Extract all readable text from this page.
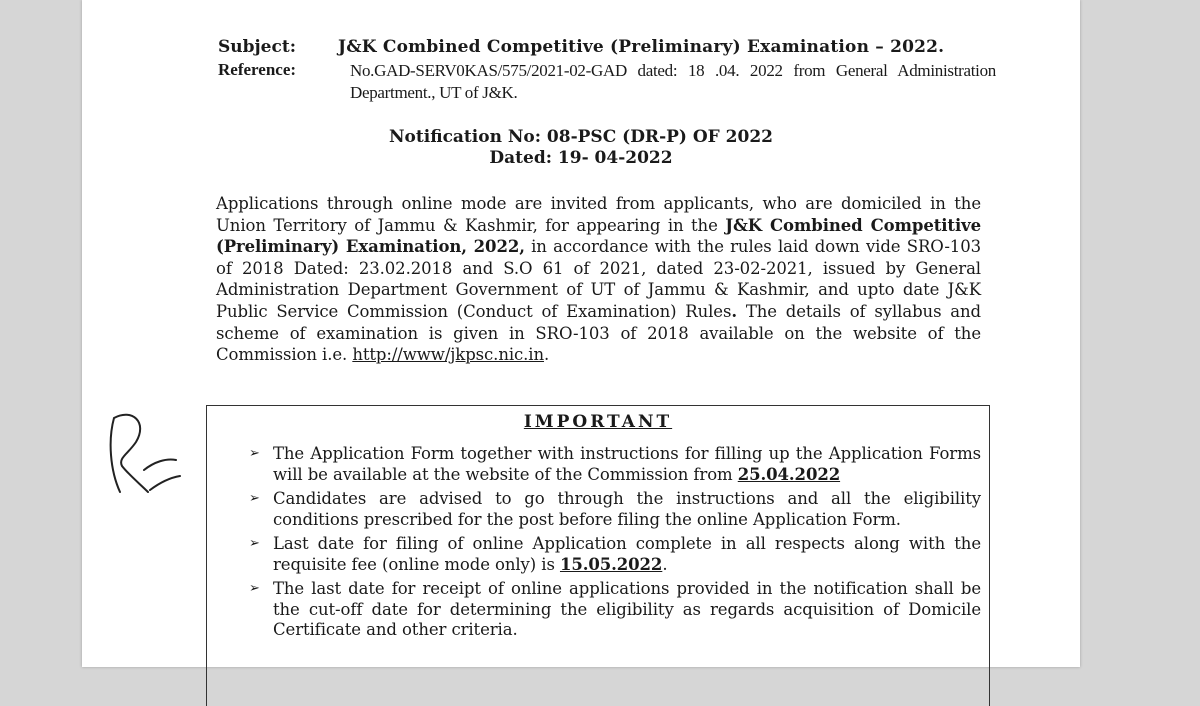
Subject: J&K Combined Competitive (Preliminary) Examination – 2022.
Reference:	No.GAD-SERV0KAS/575/2021-02-GAD dated: 18 .04. 2022 from General Administration Department., UT of J&K.
Notification No: 08-PSC (DR-P) OF 2022
Dated: 19- 04-2022
Applications through online mode are invited from applicants, who are domiciled in the Union Territory of Jammu & Kashmir, for appearing in the J&K Combined Competitive (Preliminary) Examination, 2022, in accordance with the rules laid down vide SRO-103 of 2018 Dated: 23.02.2018 and S.O 61 of 2021, dated 23-02-2021, issued by General Administration Department Government of UT of Jammu & Kashmir, and upto date J&K Public Service Commission (Conduct of Examination) Rules. The details of syllabus and scheme of examination is given in SRO-103 of 2018 available on the website of the Commission i.e. http://www/jkpsc.nic.in.
IMPORTANT
➢ The Application Form together with instructions for filling up the Application Forms will be available at the website of the Commission from 25.04.2022
➢ Candidates are advised to go through the instructions and all the eligibility conditions prescribed for the post before filing the online Application Form.
➢ Last date for filing of online Application complete in all respects along with the requisite fee (online mode only) is 15.05.2022.
➢ The last date for receipt of online applications provided in the notification shall be the cut-off date for determining the eligibility as regards acquisition of Domicile Certificate and other criteria.
